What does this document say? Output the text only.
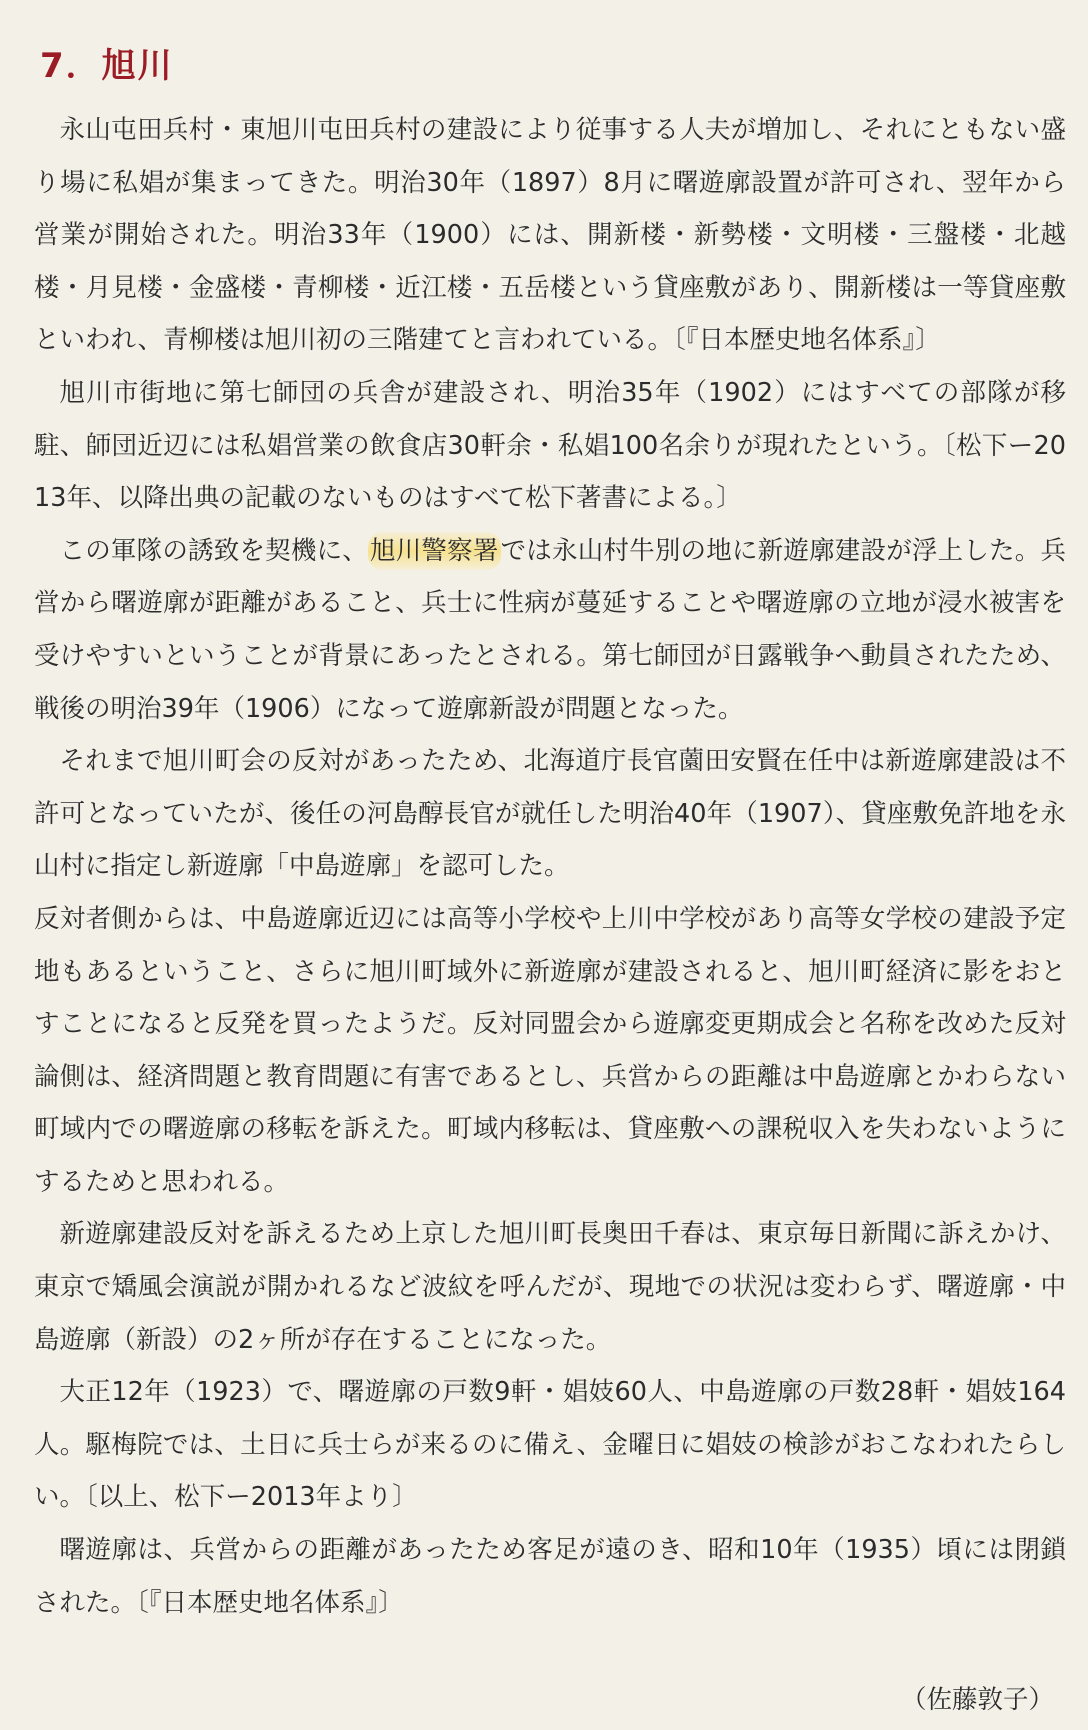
7．旭川

永山屯田兵村・東旭川屯田兵村の建設により従事する人夫が増加し、それにともない盛り場に私娼が集まってきた。明治30年（1897）8月に曙遊廓設置が許可され、翌年から営業が開始された。明治33年（1900）には、開新楼・新勢楼・文明楼・三盤楼・北越楼・月見楼・金盛楼・青柳楼・近江楼・五岳楼という貸座敷があり、開新楼は一等貸座敷といわれ、青柳楼は旭川初の三階建てと言われている。〔『日本歴史地名体系』〕

旭川市街地に第七師団の兵舎が建設され、明治35年（1902）にはすべての部隊が移駐、師団近辺には私娼営業の飲食店30軒余・私娼100名余りが現れたという。〔松下ー2013年、以降出典の記載のないものはすべて松下著書による。〕

この軍隊の誘致を契機に、旭川警察署では永山村牛別の地に新遊廓建設が浮上した。兵営から曙遊廓が距離があること、兵士に性病が蔓延することや曙遊廓の立地が浸水被害を受けやすいということが背景にあったとされる。第七師団が日露戦争へ動員されたため、戦後の明治39年（1906）になって遊廓新設が問題となった。

それまで旭川町会の反対があったため、北海道庁長官薗田安賢在任中は新遊廓建設は不許可となっていたが、後任の河島醇長官が就任した明治40年（1907）、貸座敷免許地を永山村に指定し新遊廓「中島遊廓」を認可した。

反対者側からは、中島遊廓近辺には高等小学校や上川中学校があり高等女学校の建設予定地もあるということ、さらに旭川町域外に新遊廓が建設されると、旭川町経済に影をおとすことになると反発を買ったようだ。反対同盟会から遊廓変更期成会と名称を改めた反対論側は、経済問題と教育問題に有害であるとし、兵営からの距離は中島遊廓とかわらない町域内での曙遊廓の移転を訴えた。町域内移転は、貸座敷への課税収入を失わないようにするためと思われる。

新遊廓建設反対を訴えるため上京した旭川町長奥田千春は、東京毎日新聞に訴えかけ、東京で矯風会演説が開かれるなど波紋を呼んだが、現地での状況は変わらず、曙遊廓・中島遊廓（新設）の2ヶ所が存在することになった。

大正12年（1923）で、曙遊廓の戸数9軒・娼妓60人、中島遊廓の戸数28軒・娼妓164人。駆梅院では、土日に兵士らが来るのに備え、金曜日に娼妓の検診がおこなわれたらしい。〔以上、松下ー2013年より〕

曙遊廓は、兵営からの距離があったため客足が遠のき、昭和10年（1935）頃には閉鎖された。〔『日本歴史地名体系』〕

（佐藤敦子）
